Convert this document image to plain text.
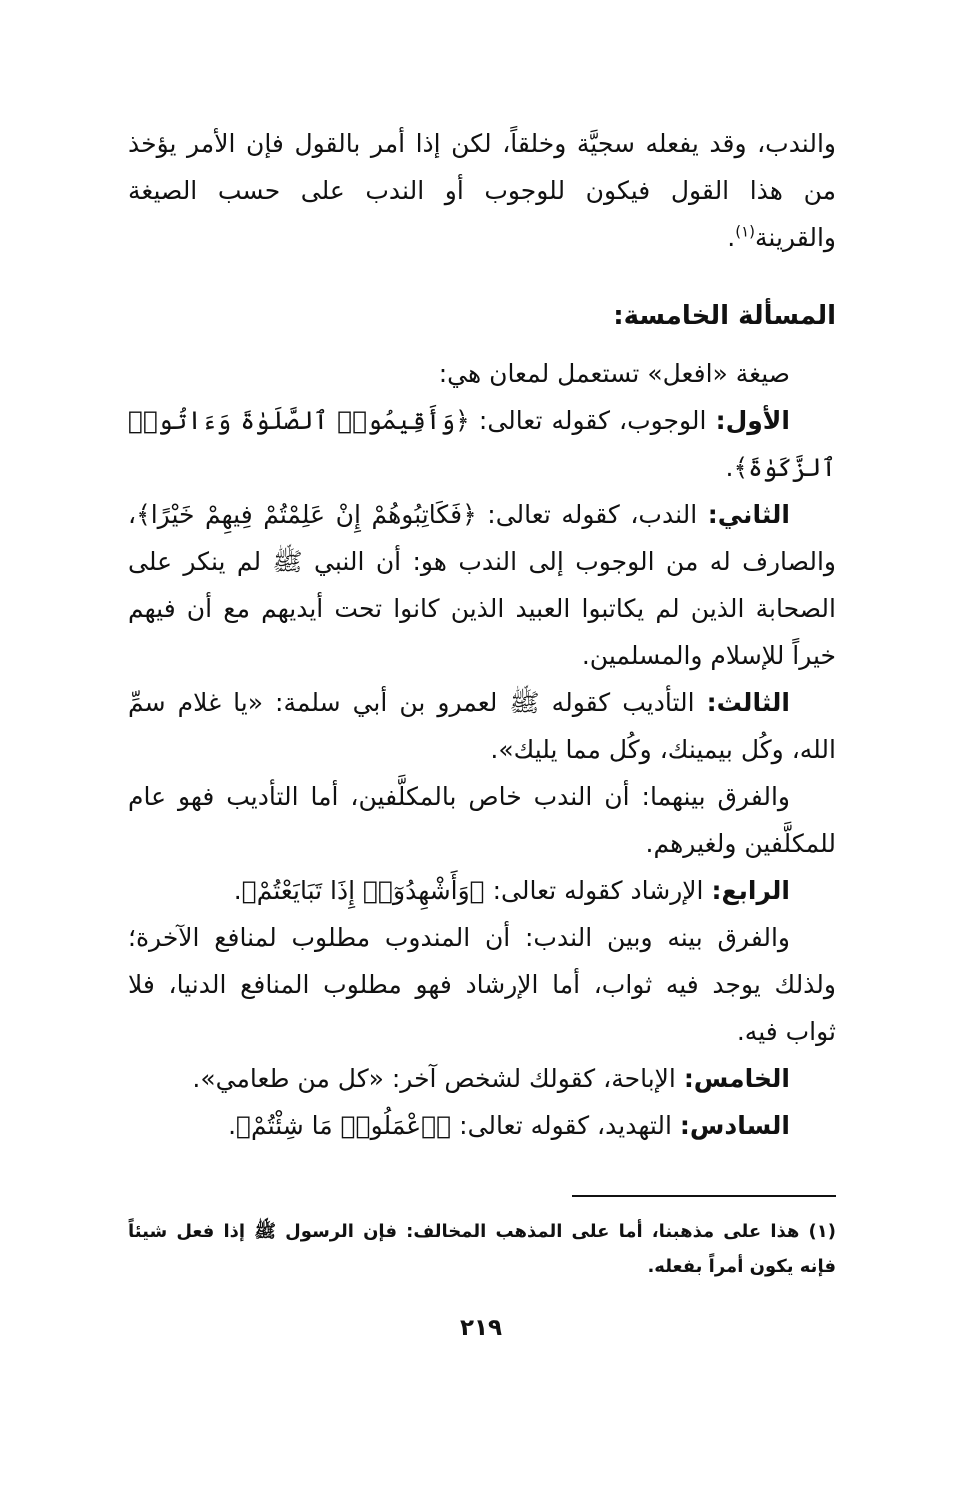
والندب، وقد يفعله سجيَّة وخلقاً، لكن إذا أمر بالقول فإن الأمر يؤخذ من هذا القول فيكون للوجوب أو الندب على حسب الصيغة والقرينة$^{(١)}$.

المسألة الخامسة:

صيغة «افعل» تستعمل لمعان هي:

الأول: الوجوب، كقوله تعالى: ﴿وَأَقِيمُوا۟ ٱلصَّلَوٰةَ وَءَاتُوا۟ ٱلزَّكَوٰةَ﴾.

الثاني: الندب، كقوله تعالى: ﴿فَكَاتِبُوهُمْ إِنْ عَلِمْتُمْ فِيهِمْ خَيْرًا﴾، والصارف له من الوجوب إلى الندب هو: أن النبي ﷺ لم ينكر على الصحابة الذين لم يكاتبوا العبيد الذين كانوا تحت أيديهم مع أن فيهم خيراً للإسلام والمسلمين.

الثالث: التأديب كقوله ﷺ لعمرو بن أبي سلمة: «يا غلام سمِّ الله، وكُل بيمينك، وكُل مما يليك».

والفرق بينهما: أن الندب خاص بالمكلَّفين، أما التأديب فهو عام للمكلَّفين ولغيرهم.

الرابع: الإرشاد كقوله تعالى: ﴿وَأَشْهِدُوٓا۟ إِذَا تَبَايَعْتُمْ﴾.

والفرق بينه وبين الندب: أن المندوب مطلوب لمنافع الآخرة؛ ولذلك يوجد فيه ثواب، أما الإرشاد فهو مطلوب المنافع الدنيا، فلا ثواب فيه.

الخامس: الإباحة، كقولك لشخص آخر: «كل من طعامي».

السادس: التهديد، كقوله تعالى: ﴿ٱعْمَلُوا۟ مَا شِئْتُمْ﴾.

(١) هذا على مذهبنا، أما على المذهب المخالف: فإن الرسول ﷺ إذا فعل شيئاً فإنه يكون أمراً بفعله.

٢١٩
